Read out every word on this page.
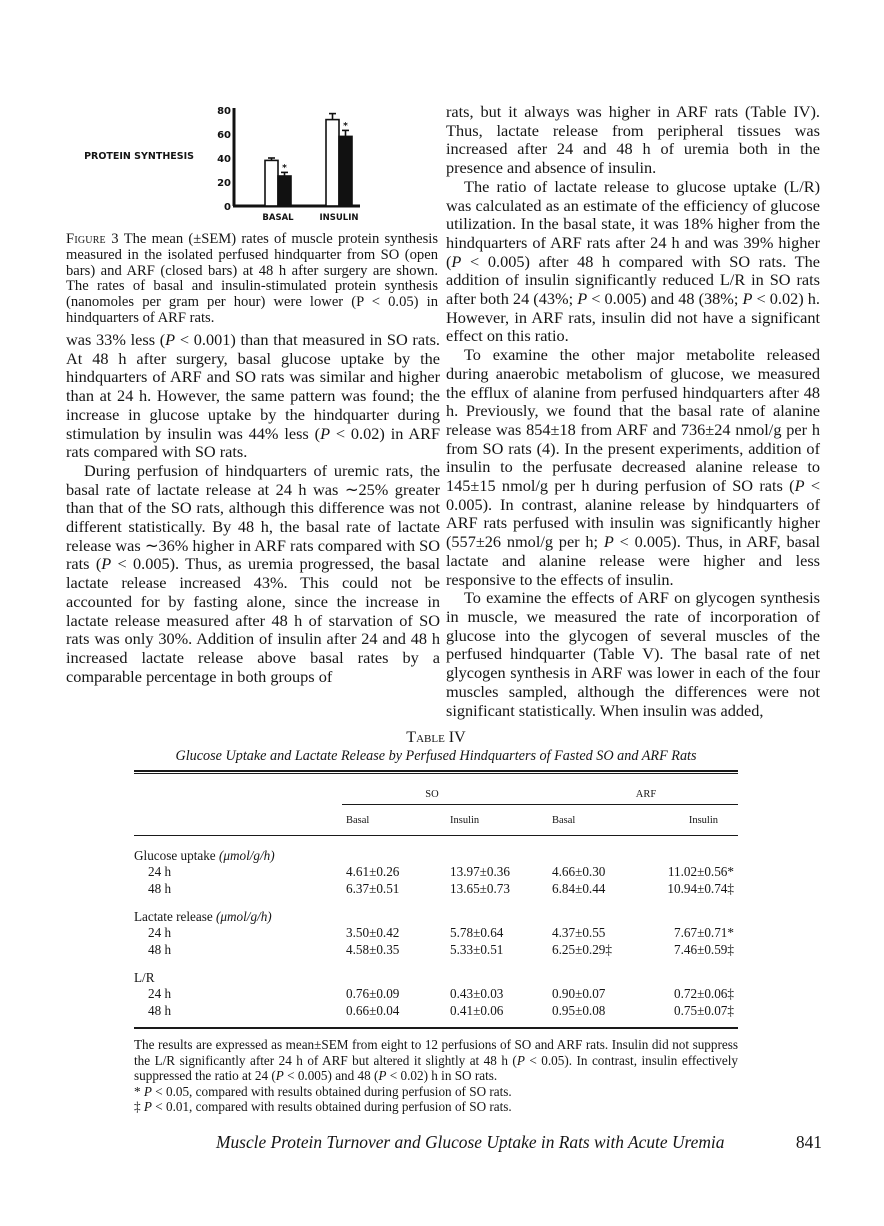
PROTEIN SYNTHESIS
0
20
40
60
80
*
*
BASAL	INSULIN
Figure 3 The mean (±SEM) rates of muscle protein synthesis measured in the isolated perfused hindquarter from SO (open bars) and ARF (closed bars) at 48 h after surgery are shown. The rates of basal and insulin-stimulated protein synthesis (nanomoles per gram per hour) were lower (P < 0.05) in hindquarters of ARF rats.

was 33% less (P < 0.001) than that measured in SO rats. At 48 h after surgery, basal glucose uptake by the hindquarters of ARF and SO rats was similar and higher than at 24 h. However, the same pattern was found; the increase in glucose uptake by the hindquarter during stimulation by insulin was 44% less (P < 0.02) in ARF rats compared with SO rats.

During perfusion of hindquarters of uremic rats, the basal rate of lactate release at 24 h was ∼25% greater than that of the SO rats, although this difference was not different statistically. By 48 h, the basal rate of lactate release was ∼36% higher in ARF rats compared with SO rats (P < 0.005). Thus, as uremia progressed, the basal lactate release increased 43%. This could not be accounted for by fasting alone, since the increase in lactate release measured after 48 h of starvation of SO rats was only 30%. Addition of insulin after 24 and 48 h increased lactate release above basal rates by a comparable percentage in both groups of

rats, but it always was higher in ARF rats (Table IV). Thus, lactate release from peripheral tissues was increased after 24 and 48 h of uremia both in the presence and absence of insulin.

The ratio of lactate release to glucose uptake (L/R) was calculated as an estimate of the efficiency of glucose utilization. In the basal state, it was 18% higher from the hindquarters of ARF rats after 24 h and was 39% higher (P < 0.005) after 48 h compared with SO rats. The addition of insulin significantly reduced L/R in SO rats after both 24 (43%; P < 0.005) and 48 (38%; P < 0.02) h. However, in ARF rats, insulin did not have a significant effect on this ratio.

To examine the other major metabolite released during anaerobic metabolism of glucose, we measured the efflux of alanine from perfused hindquarters after 48 h. Previously, we found that the basal rate of alanine release was 854±18 from ARF and 736±24 nmol/g per h from SO rats (4). In the present experiments, addition of insulin to the perfusate decreased alanine release to 145±15 nmol/g per h during perfusion of SO rats (P < 0.005). In contrast, alanine release by hindquarters of ARF rats perfused with insulin was significantly higher (557±26 nmol/g per h; P < 0.005). Thus, in ARF, basal lactate and alanine release were higher and less responsive to the effects of insulin.

To examine the effects of ARF on glycogen synthesis in muscle, we measured the rate of incorporation of glucose into the glycogen of several muscles of the perfused hindquarter (Table V). The basal rate of net glycogen synthesis in ARF was lower in each of the four muscles sampled, although the differences were not significant statistically. When insulin was added,

Table IV
Glucose Uptake and Lactate Release by Perfused Hindquarters of Fasted SO and ARF Rats
	SO		ARF	
	Basal	Insulin	Basal	Insulin

Glucose uptake (μmol/g/h)				
24 h	4.61±0.26	13.97±0.36	4.66±0.30	11.02±0.56*
48 h	6.37±0.51	13.65±0.73	6.84±0.44	10.94±0.74‡
Lactate release (μmol/g/h)				
24 h	3.50±0.42	5.78±0.64	4.37±0.55	7.67±0.71*
48 h	4.58±0.35	5.33±0.51	6.25±0.29‡	7.46±0.59‡
L/R				
24 h	0.76±0.09	0.43±0.03	0.90±0.07	0.72±0.06‡
48 h	0.66±0.04	0.41±0.06	0.95±0.08	0.75±0.07‡

The results are expressed as mean±SEM from eight to 12 perfusions of SO and ARF rats. Insulin did not suppress the L/R significantly after 24 h of ARF but altered it slightly at 48 h (P < 0.05). In contrast, insulin effectively suppressed the ratio at 24 (P < 0.005) and 48 (P < 0.02) h in SO rats.

* P < 0.05, compared with results obtained during perfusion of SO rats.

‡ P < 0.01, compared with results obtained during perfusion of SO rats.

Muscle Protein Turnover and Glucose Uptake in Rats with Acute Uremia	841
